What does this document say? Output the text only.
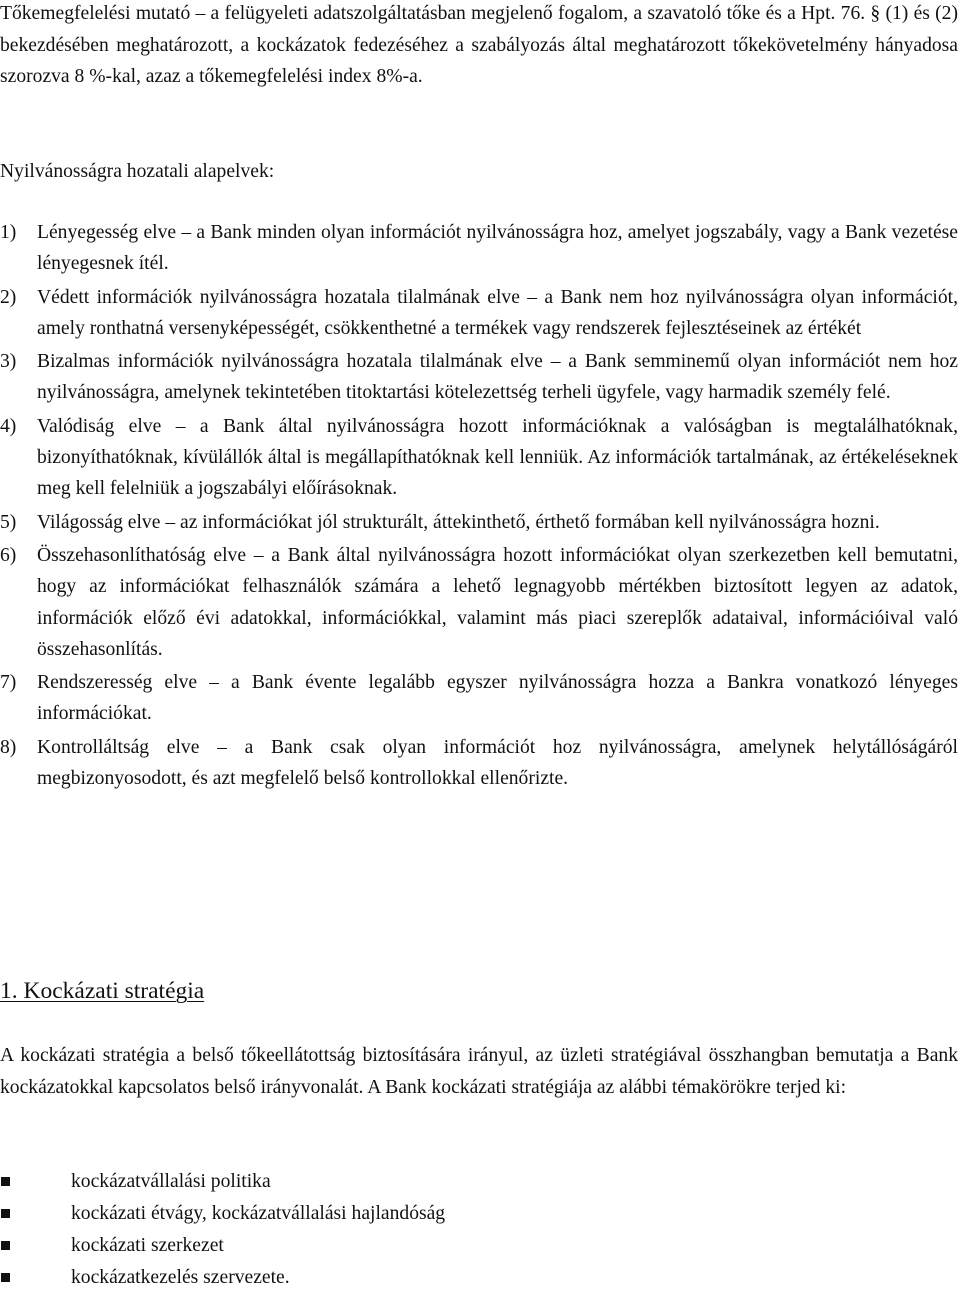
Tőkemegfelelési mutató – a felügyeleti adatszolgáltatásban megjelenő fogalom, a szavatoló tőke és a Hpt. 76. § (1) és (2) bekezdésében meghatározott, a kockázatok fedezéséhez a szabályozás által meghatározott tőkekövetelmény hányadosa szorozva 8 %-kal, azaz a tőkemegfelelési index 8%-a.

Nyilvánosságra hozatali alapelvek:

1) Lényegesség elve – a Bank minden olyan információt nyilvánosságra hoz, amelyet jogszabály, vagy a Bank vezetése lényegesnek ítél.
2) Védett információk nyilvánosságra hozatala tilalmának elve – a Bank nem hoz nyilvánosságra olyan információt, amely ronthatná versenyképességét, csökkenthetné a termékek vagy rendszerek fejlesztéseinek az értékét
3) Bizalmas információk nyilvánosságra hozatala tilalmának elve – a Bank semminemű olyan információt nem hoz nyilvánosságra, amelynek tekintetében titoktartási kötelezettség terheli ügyfele, vagy harmadik személy felé.
4) Valódiság elve – a Bank által nyilvánosságra hozott információknak a valóságban is megtalálhatóknak, bizonyíthatóknak, kívülállók által is megállapíthatóknak kell lenniük. Az információk tartalmának, az értékeléseknek meg kell felelniük a jogszabályi előírásoknak.
5) Világosság elve – az információkat jól strukturált, áttekinthető, érthető formában kell nyilvánosságra hozni.
6) Összehasonlíthatóság elve – a Bank által nyilvánosságra hozott információkat olyan szerkezetben kell bemutatni, hogy az információkat felhasználók számára a lehető legnagyobb mértékben biztosított legyen az adatok, információk előző évi adatokkal, információkkal, valamint más piaci szereplők adataival, információival való összehasonlítás.
7) Rendszeresség elve – a Bank évente legalább egyszer nyilvánosságra hozza a Bankra vonatkozó lényeges információkat.
8) Kontrolláltság elve – a Bank csak olyan információt hoz nyilvánosságra, amelynek helytállóságáról megbizonyosodott, és azt megfelelő belső kontrollokkal ellenőrizte.
1. Kockázati stratégia

A kockázati stratégia a belső tőkeellátottság biztosítására irányul, az üzleti stratégiával összhangban bemutatja a Bank kockázatokkal kapcsolatos belső irányvonalát. A Bank kockázati stratégiája az alábbi témakörökre terjed ki:

kockázatvállalási politika
kockázati étvágy, kockázatvállalási hajlandóság
kockázati szerkezet
kockázatkezelés szervezete.
